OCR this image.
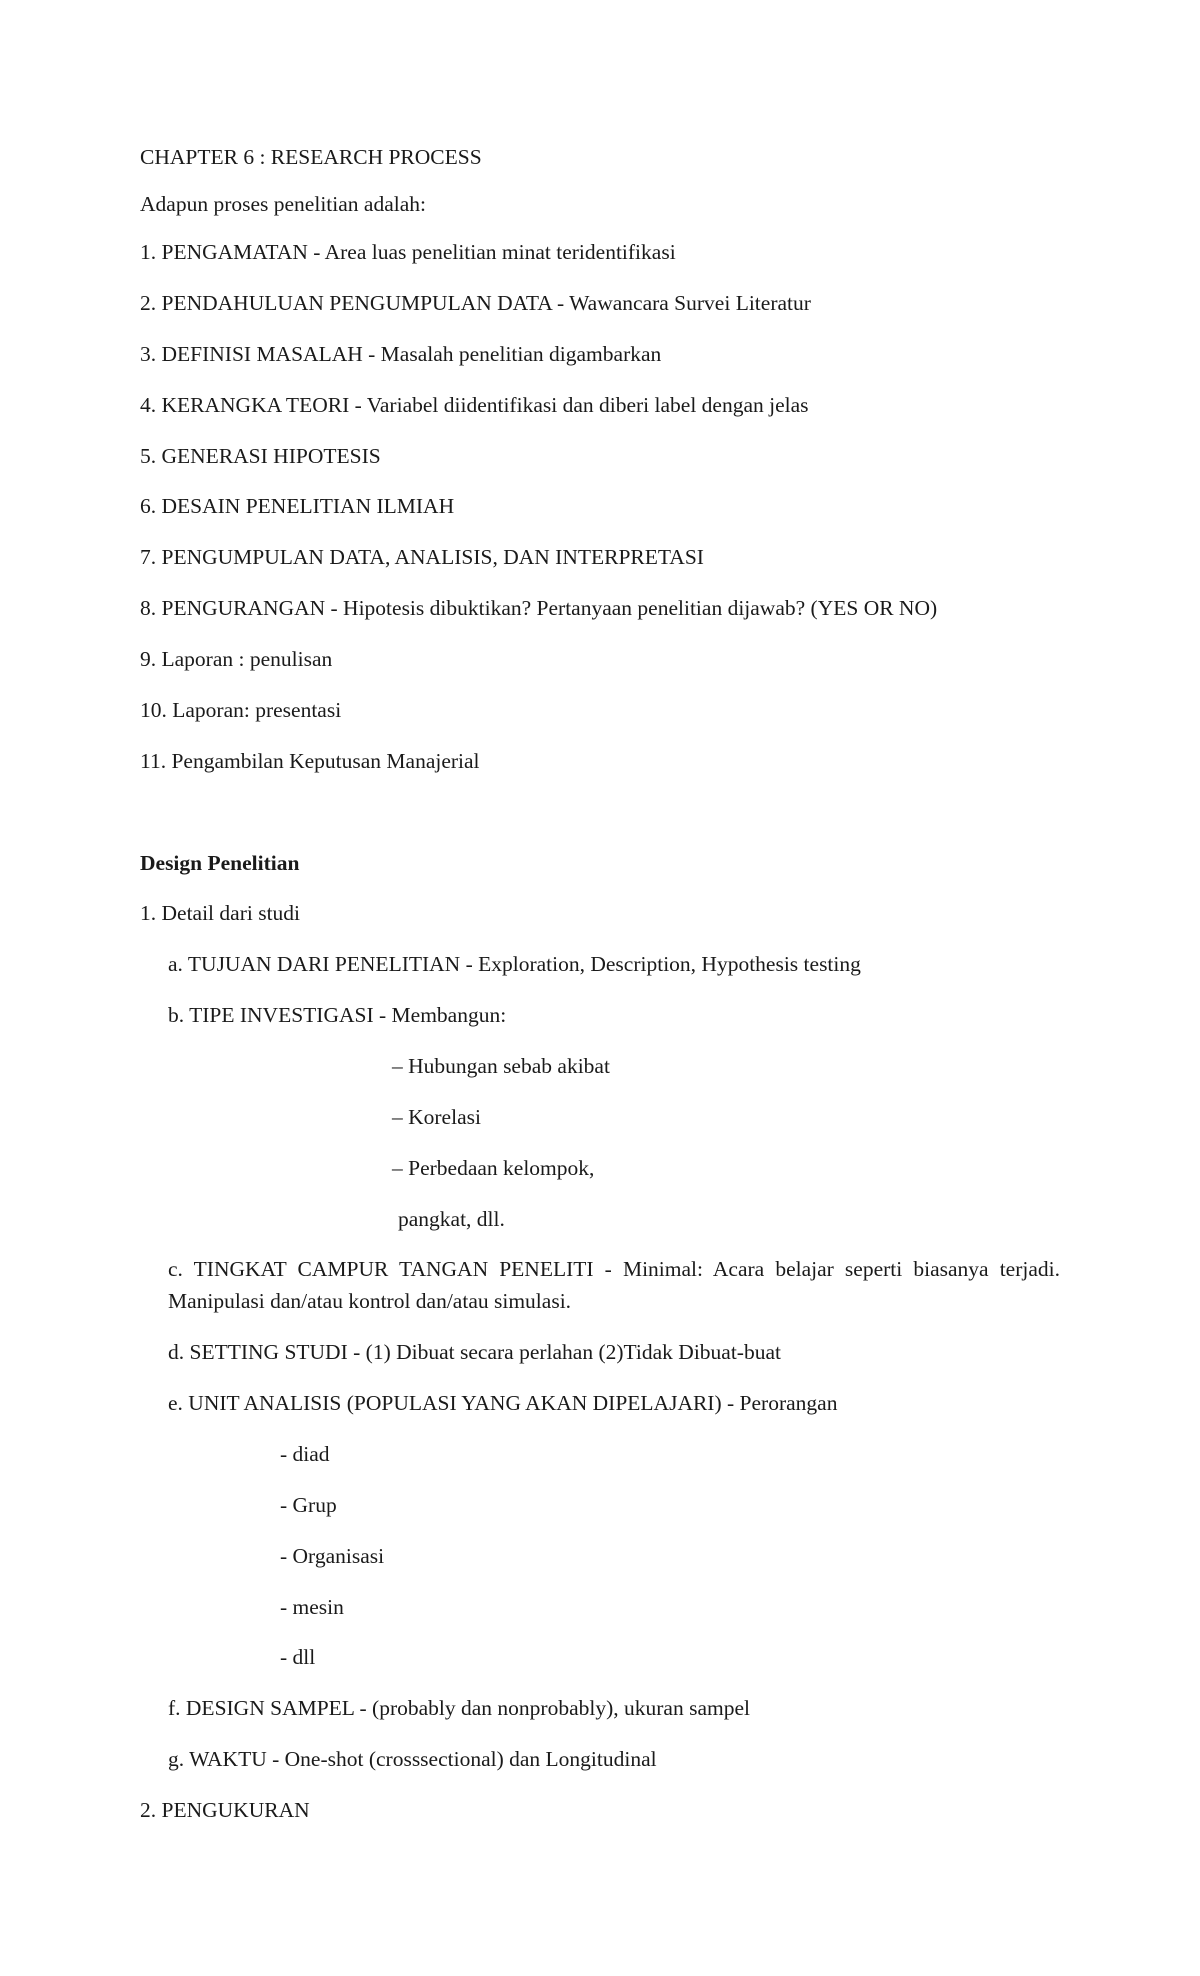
CHAPTER 6 : RESEARCH PROCESS

Adapun proses penelitian adalah:

1. PENGAMATAN - Area luas penelitian minat teridentifikasi

2. PENDAHULUAN PENGUMPULAN DATA - Wawancara Survei Literatur

3. DEFINISI MASALAH - Masalah penelitian digambarkan

4. KERANGKA TEORI - Variabel diidentifikasi dan diberi label dengan jelas

5. GENERASI HIPOTESIS

6. DESAIN PENELITIAN ILMIAH

7. PENGUMPULAN DATA, ANALISIS, DAN INTERPRETASI

8. PENGURANGAN - Hipotesis dibuktikan? Pertanyaan penelitian dijawab? (YES OR NO)

9. Laporan : penulisan

10. Laporan: presentasi

11. Pengambilan Keputusan Manajerial

Design Penelitian

1. Detail dari studi

a. TUJUAN DARI PENELITIAN - Exploration, Description, Hypothesis testing

b. TIPE INVESTIGASI - Membangun:

– Hubungan sebab akibat

– Korelasi

– Perbedaan kelompok,

pangkat, dll.

c. TINGKAT CAMPUR TANGAN PENELITI - Minimal: Acara belajar seperti biasanya terjadi. Manipulasi dan/atau kontrol dan/atau simulasi.

d. SETTING STUDI - (1) Dibuat secara perlahan (2)Tidak Dibuat-buat

e. UNIT ANALISIS (POPULASI YANG AKAN DIPELAJARI) - Perorangan

- diad

- Grup

- Organisasi

- mesin

- dll

f. DESIGN SAMPEL - (probably dan nonprobably), ukuran sampel

g. WAKTU - One-shot (crosssectional) dan Longitudinal

2. PENGUKURAN
